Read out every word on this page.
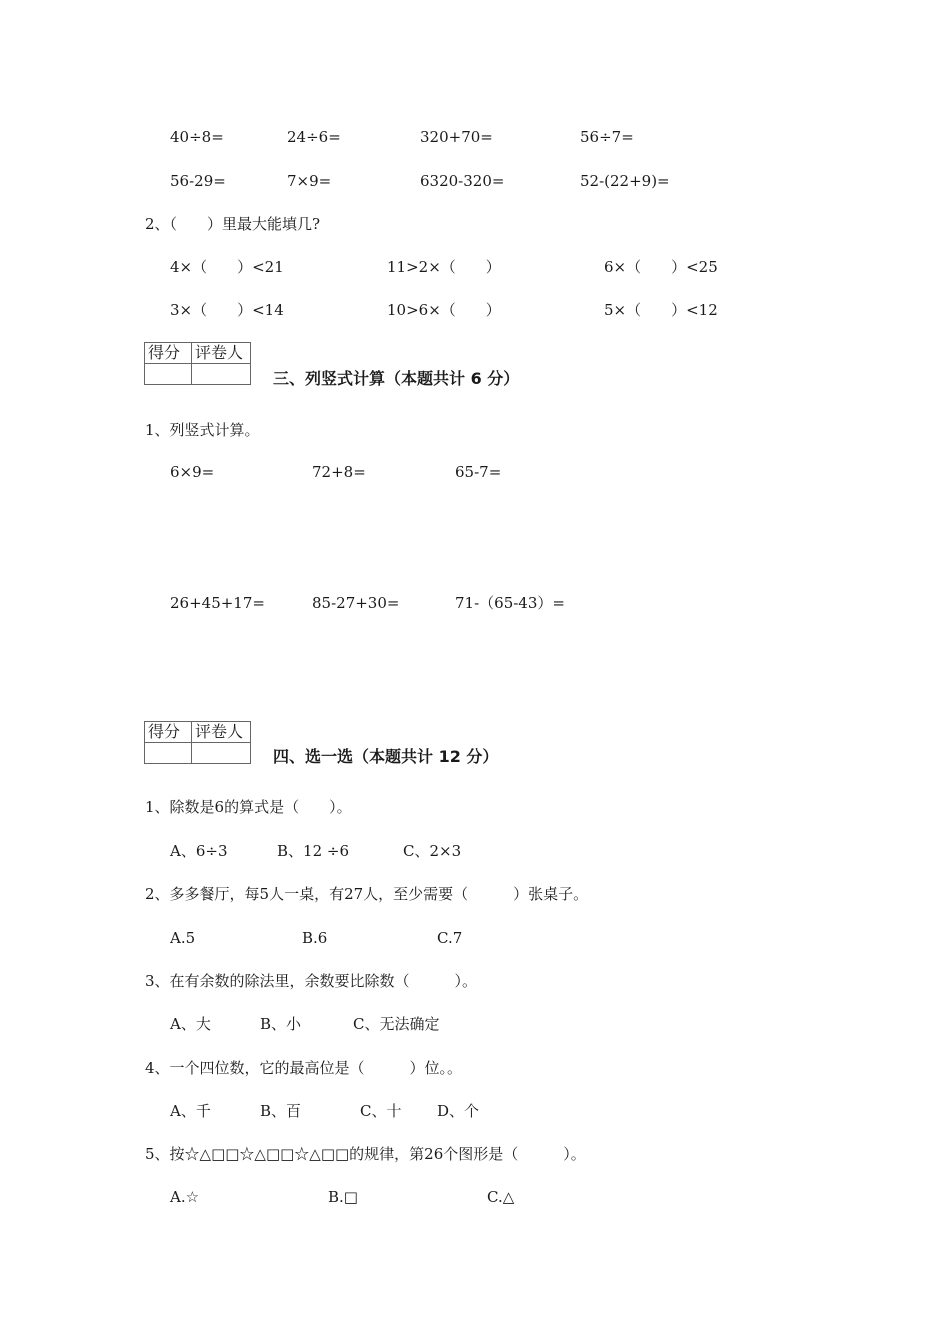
40÷8=	24÷6=	320+70=	56÷7=
56-29=	7×9=	6320-320=	52-(22+9)=
2、（　　）里最大能填几?
4×（　　）<21	11>2×（　　）	6×（　　）<25
3×（　　）<14	10>6×（　　）	5×（　　）<12
得分	评卷人

三、列竖式计算（本题共计 6 分）
1、列竖式计算。
6×9=	72+8=	65-7=
26+45+17=	85-27+30=	71-（65-43）=
得分	评卷人

四、选一选（本题共计 12 分）
1、除数是6的算式是（　　）。
A、6÷3	B、12 ÷6	C、2×3
2、多多餐厅，每5人一桌，有27人，至少需要（　　　）张桌子。
A.5	B.6	C.7
3、在有余数的除法里，余数要比除数（　　　）。
A、大	B、小	C、无法确定
4、一个四位数，它的最高位是（　　　）位。。
A、千	B、百	C、十 D、个
5、按☆△□□☆△□□☆△□□的规律，第26个图形是（　　　）。
A.☆	B.□	C.△
